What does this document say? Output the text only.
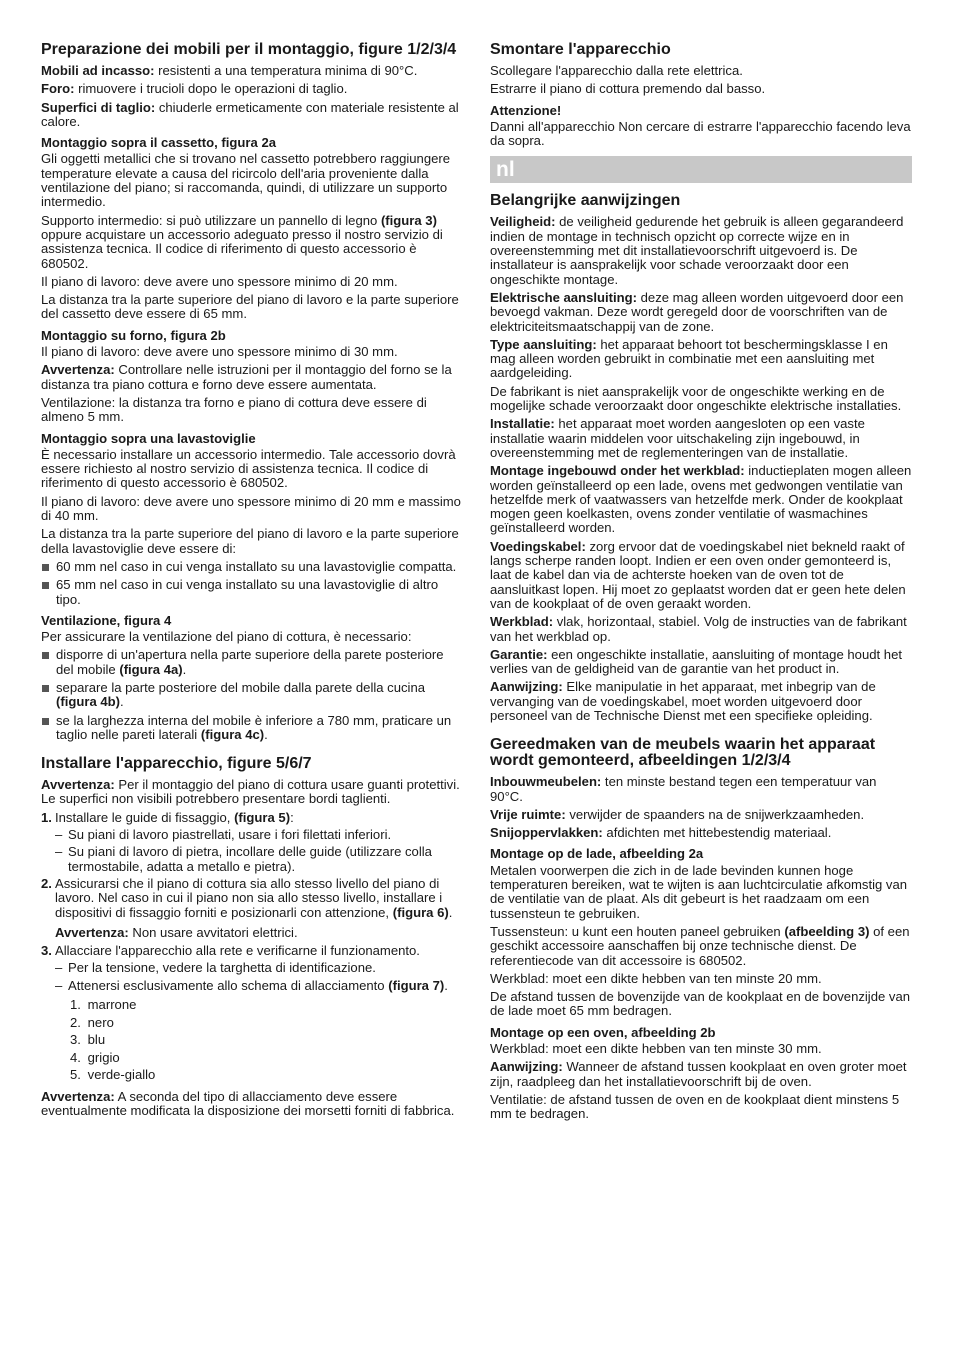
Preparazione dei mobili per il montaggio, figure 1/2/3/4

Mobili ad incasso: resistenti a una temperatura minima di 90°C.

Foro: rimuovere i trucioli dopo le operazioni di taglio.

Superfici di taglio: chiuderle ermeticamente con materiale resistente al calore.

Montaggio sopra il cassetto, figura 2a

Gli oggetti metallici che si trovano nel cassetto potrebbero raggiungere temperature elevate a causa del ricircolo dell'aria proveniente dalla ventilazione del piano; si raccomanda, quindi, di utilizzare un supporto intermedio.

Supporto intermedio: si può utilizzare un pannello di legno (figura 3) oppure acquistare un accessorio adeguato presso il nostro servizio di assistenza tecnica. Il codice di riferimento di questo accessorio è 680502.

Il piano di lavoro: deve avere uno spessore minimo di 20 mm.

La distanza tra la parte superiore del piano di lavoro e la parte superiore del cassetto deve essere di 65 mm.

Montaggio su forno, figura 2b

Il piano di lavoro: deve avere uno spessore minimo di 30 mm.

Avvertenza: Controllare nelle istruzioni per il montaggio del forno se la distanza tra piano cottura e forno deve essere aumentata.

Ventilazione: la distanza tra forno e piano di cottura deve essere di almeno 5 mm.

Montaggio sopra una lavastoviglie

È necessario installare un accessorio intermedio. Tale accessorio dovrà essere richiesto al nostro servizio di assistenza tecnica. Il codice di riferimento di questo accessorio è 680502.

Il piano di lavoro: deve avere uno spessore minimo di 20 mm e massimo di 40 mm.

La distanza tra la parte superiore del piano di lavoro e la parte superiore della lavastoviglie deve essere di:

60 mm nel caso in cui venga installato su una lavastoviglie compatta.
65 mm nel caso in cui venga installato su una lavastoviglie di altro tipo.
Ventilazione, figura 4

Per assicurare la ventilazione del piano di cottura, è necessario:

disporre di un'apertura nella parte superiore della parete posteriore del mobile (figura 4a).
separare la parte posteriore del mobile dalla parete della cucina (figura 4b).
se la larghezza interna del mobile è inferiore a 780 mm, praticare un taglio nelle pareti laterali (figura 4c).
Installare l'apparecchio, figure 5/6/7

Avvertenza: Per il montaggio del piano di cottura usare guanti protettivi. Le superfici non visibili potrebbero presentare bordi taglienti.

1. Installare le guide di fissaggio, (figura 5):
– Su piani di lavoro piastrellati, usare i fori filettati inferiori.
– Su piani di lavoro di pietra, incollare delle guide (utilizzare colla termostabile, adatta a metallo e pietra).
2. Assicurarsi che il piano di cottura sia allo stesso livello del piano di lavoro. Nel caso in cui il piano non sia allo stesso livello, installare i dispositivi di fissaggio forniti e posizionarli con attenzione, (figura 6).

Avvertenza: Non usare avvitatori elettrici.

3. Allacciare l'apparecchio alla rete e verificarne il funzionamento.
– Per la tensione, vedere la targhetta di identificazione.
– Attenersi esclusivamente allo schema di allacciamento (figura 7).
1. marrone
2. nero
3. blu
4. grigio
5. verde-giallo

Avvertenza: A seconda del tipo di allacciamento deve essere eventualmente modificata la disposizione dei morsetti forniti di fabbrica.

Smontare l'apparecchio

Scollegare l'apparecchio dalla rete elettrica.

Estrarre il piano di cottura premendo dal basso.

Attenzione!

Danni all'apparecchio Non cercare di estrarre l'apparecchio facendo leva da sopra.

nl
Belangrijke aanwijzingen

Veiligheid: de veiligheid gedurende het gebruik is alleen gegarandeerd indien de montage in technisch opzicht op correcte wijze en in overeenstemming met dit installatievoorschrift uitgevoerd is. De installateur is aansprakelijk voor schade veroorzaakt door een ongeschikte montage.

Elektrische aansluiting: deze mag alleen worden uitgevoerd door een bevoegd vakman. Deze wordt geregeld door de voorschriften van de elektriciteitsmaatschappij van de zone.

Type aansluiting: het apparaat behoort tot beschermingsklasse I en mag alleen worden gebruikt in combinatie met een aansluiting met aardgeleiding.

De fabrikant is niet aansprakelijk voor de ongeschikte werking en de mogelijke schade veroorzaakt door ongeschikte elektrische installaties.

Installatie: het apparaat moet worden aangesloten op een vaste installatie waarin middelen voor uitschakeling zijn ingebouwd, in overeenstemming met de reglementeringen van de installatie.

Montage ingebouwd onder het werkblad: inductieplaten mogen alleen worden geïnstalleerd op een lade, ovens met gedwongen ventilatie van hetzelfde merk of vaatwassers van hetzelfde merk. Onder de kookplaat mogen geen koelkasten, ovens zonder ventilatie of wasmachines geïnstalleerd worden.

Voedingskabel: zorg ervoor dat de voedingskabel niet bekneld raakt of langs scherpe randen loopt. Indien er een oven onder gemonteerd is, laat de kabel dan via de achterste hoeken van de oven tot de aansluitkast lopen. Hij moet zo geplaatst worden dat er geen hete delen van de kookplaat of de oven geraakt worden.

Werkblad: vlak, horizontaal, stabiel. Volg de instructies van de fabrikant van het werkblad op.

Garantie: een ongeschikte installatie, aansluiting of montage houdt het verlies van de geldigheid van de garantie van het product in.

Aanwijzing: Elke manipulatie in het apparaat, met inbegrip van de vervanging van de voedingskabel, moet worden uitgevoerd door personeel van de Technische Dienst met een specifieke opleiding.

Gereedmaken van de meubels waarin het apparaat wordt gemonteerd, afbeeldingen 1/2/3/4

Inbouwmeubelen: ten minste bestand tegen een temperatuur van 90°C.

Vrije ruimte: verwijder de spaanders na de snijwerkzaamheden.

Snijoppervlakken: afdichten met hittebestendig materiaal.

Montage op de lade, afbeelding 2a

Metalen voorwerpen die zich in de lade bevinden kunnen hoge temperaturen bereiken, wat te wijten is aan luchtcirculatie afkomstig van de ventilatie van de plaat. Als dit gebeurt is het raadzaam om een tussensteun te gebruiken.

Tussensteun: u kunt een houten paneel gebruiken (afbeelding 3) of een geschikt accessoire aanschaffen bij onze technische dienst. De referentiecode van dit accessoire is 680502.

Werkblad: moet een dikte hebben van ten minste 20 mm.

De afstand tussen de bovenzijde van de kookplaat en de bovenzijde van de lade moet 65 mm bedragen.

Montage op een oven, afbeelding 2b

Werkblad: moet een dikte hebben van ten minste 30 mm.

Aanwijzing: Wanneer de afstand tussen kookplaat en oven groter moet zijn, raadpleeg dan het installatievoorschrift bij de oven.

Ventilatie: de afstand tussen de oven en de kookplaat dient minstens 5 mm te bedragen.
